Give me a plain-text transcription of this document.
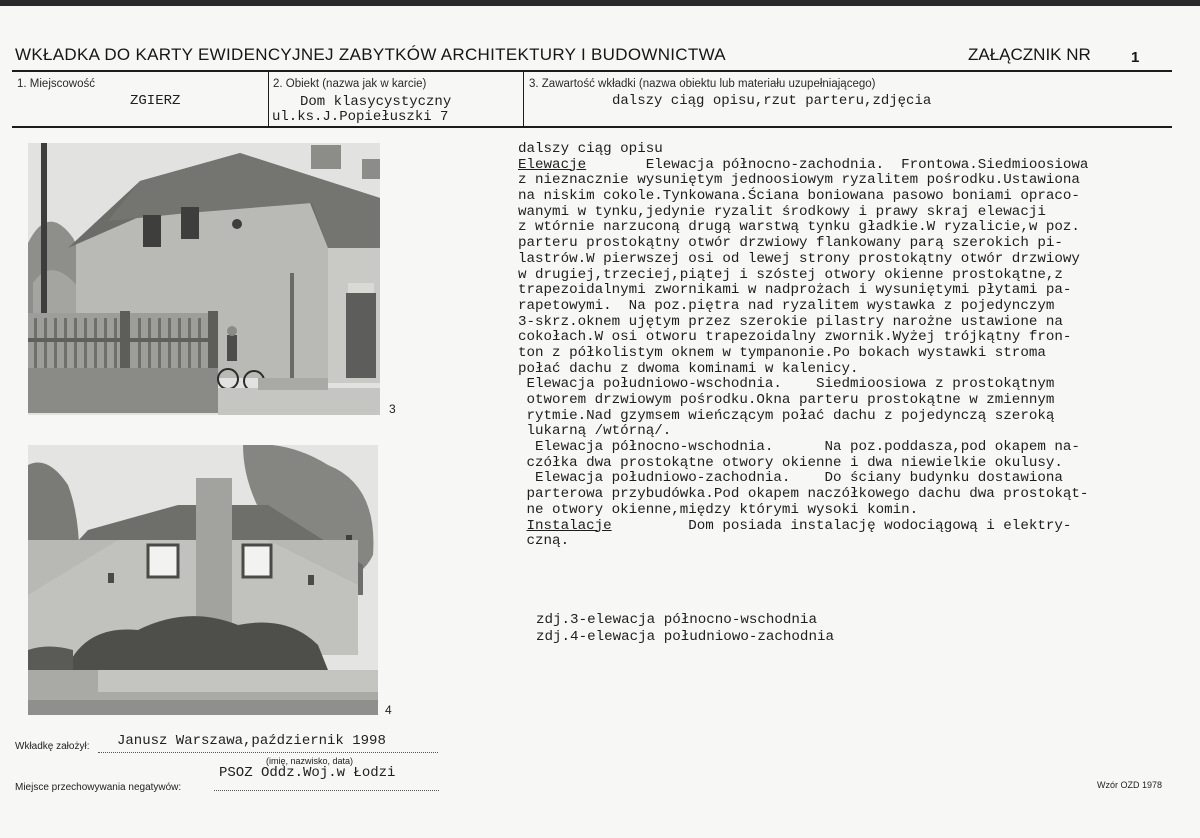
WKŁADKA DO KARTY EWIDENCYJNEJ ZABYTKÓW ARCHITEKTURY I BUDOWNICTWA	ZAŁĄCZNIK NR	1
1. Miejscowość
ZGIERZ
2. Obiekt (nazwa jak w karcie)
Dom klasycystyczny
ul.ks.J.Popiełuszki 7
3. Zawartość wkładki (nazwa obiektu lub materiału uzupełniającego)
dalszy ciąg opisu,rzut parteru,zdjęcia
3
4
dalszy ciąg opisu
Elewacje       Elewacja północno-zachodnia.  Frontowa.Siedmioosiowa
z nieznacznie wysuniętym jednoosiowym ryzalitem pośrodku.Ustawiona
na niskim cokole.Tynkowana.Ściana boniowana pasowo boniami opraco-
wanymi w tynku,jedynie ryzalit środkowy i prawy skraj elewacji
z wtórnie narzuconą drugą warstwą tynku gładkie.W ryzalicie,w poz.
parteru prostokątny otwór drzwiowy flankowany parą szerokich pi-
lastrów.W pierwszej osi od lewej strony prostokątny otwór drzwiowy
w drugiej,trzeciej,piątej i szóstej otwory okienne prostokątne,z
trapezoidalnymi zwornikami w nadprożach i wysuniętymi płytami pa-
rapetowymi.  Na poz.piętra nad ryzalitem wystawka z pojedynczym
3-skrz.oknem ujętym przez szerokie pilastry narożne ustawione na
cokołach.W osi otworu trapezoidalny zwornik.Wyżej trójkątny fron-
ton z półkolistym oknem w tympanonie.Po bokach wystawki stroma
połać dachu z dwoma kominami w kalenicy.
Elewacja południowo-wschodnia.    Siedmioosiowa z prostokątnym
otworem drzwiowym pośrodku.Okna parteru prostokątne w zmiennym
rytmie.Nad gzymsem wieńczącym połać dachu z pojedynczą szeroką
lukarną /wtórną/.
Elewacja północno-wschodnia.      Na poz.poddasza,pod okapem na-
czółka dwa prostokątne otwory okienne i dwa niewielkie okulusy.
Elewacja południowo-zachodnia.    Do ściany budynku dostawiona
parterowa przybudówka.Pod okapem naczółkowego dachu dwa prostokąt-
ne otwory okienne,między którymi wysoki komin.
Instalacje         Dom posiada instalację wodociągową i elektry-
czną.
zdj.3-elewacja północno-wschodnia
zdj.4-elewacja południowo-zachodnia
Wkładkę założył: Janusz Warszawa,październik 1998
(imię, nazwisko, data)
Miejsce przechowywania negatywów:
PSOZ Oddz.Woj.w Łodzi
Wzór OZD 1978
